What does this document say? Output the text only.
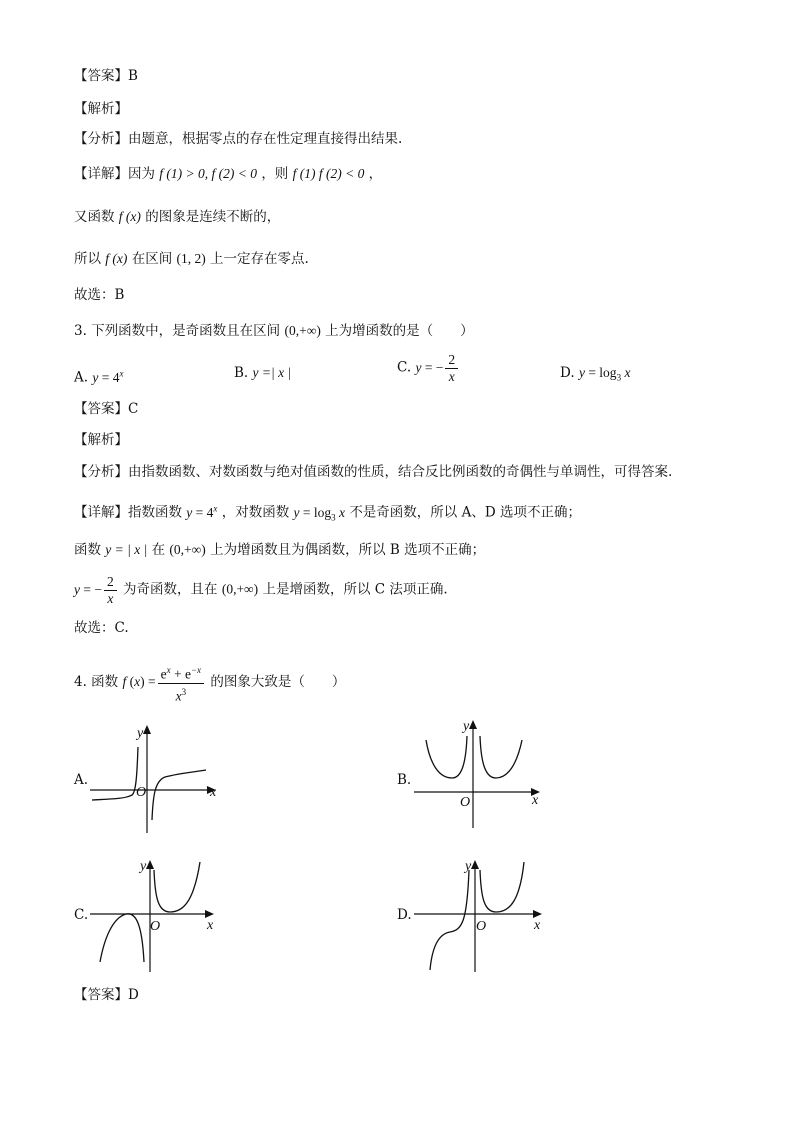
【答案】B
【解析】
【分析】由题意，根据零点的存在性定理直接得出结果.
【详解】因为 f (1) > 0, f (2) < 0 ，则 f (1) f (2) < 0 ，
又函数 f (x) 的图象是连续不断的，
所以 f (x) 在区间 (1, 2) 上一定存在零点.
故选：B
3. 下列函数中，是奇函数且在区间 (0,+∞) 上为增函数的是（　　）
A. $y = 4^x$	B. y =| x |	C. y = − $\frac{2}{x}$	D. $y = \log_3 x$
【答案】C
【解析】
【分析】由指数函数、对数函数与绝对值函数的性质，结合反比例函数的奇偶性与单调性，可得答案.
【详解】指数函数 $y = 4^x$ ，对数函数 $y = \log_3 x$ 不是奇函数，所以 A、D 选项不正确；
函数 y = | x | 在 (0,+∞) 上为增函数且为偶函数，所以 B 选项不正确；
y = − $\frac{2}{x}$ 为奇函数，且在 (0,+∞) 上是增函数，所以 C 法项正确.
故选：C.
4. 函数 f $(x) = \frac{e^x + e^{-x}}{x^3}$ 的图象大致是（　　）
A.
x
y
O
B.
x
y
O
C.
x
y
O
D.
x
y
O
【答案】D
